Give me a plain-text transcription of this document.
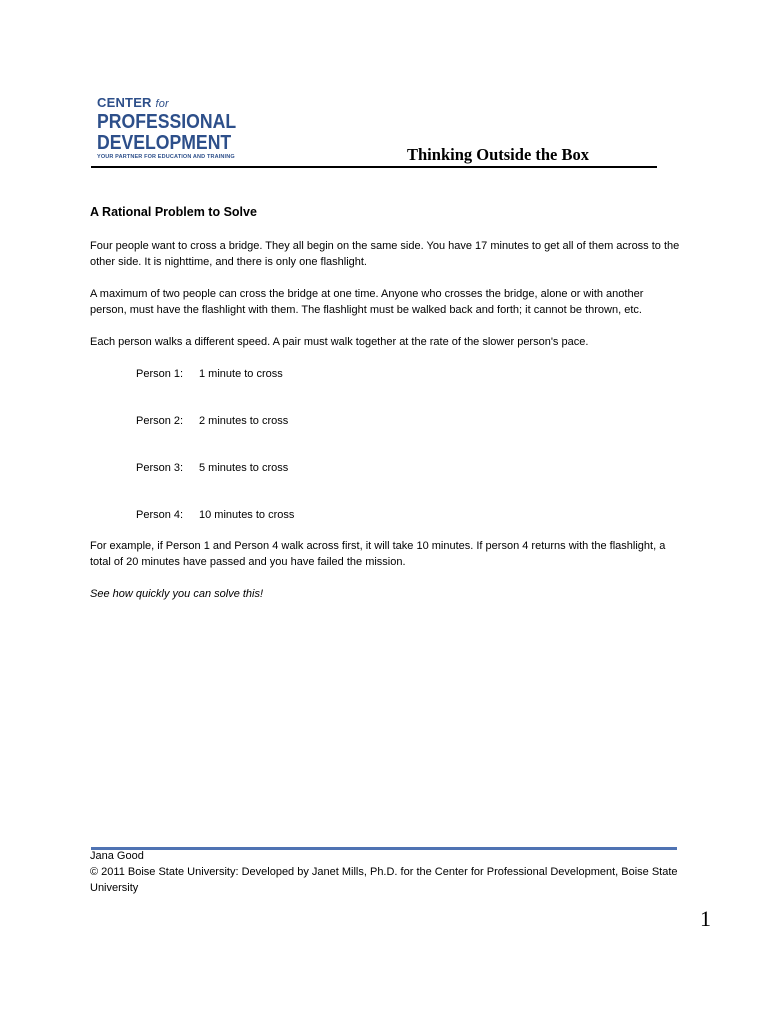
CENTER for
PROFESSIONAL
DEVELOPMENT
YOUR PARTNER FOR EDUCATION AND TRAINING	Thinking Outside the Box
A Rational Problem to Solve

Four people want to cross a bridge. They all begin on the same side. You have 17 minutes to get all of them across to the other side. It is nighttime, and there is only one flashlight.

A maximum of two people can cross the bridge at one time. Anyone who crosses the bridge, alone or with another person, must have the flashlight with them. The flashlight must be walked back and forth; it cannot be thrown, etc.

Each person walks a different speed. A pair must walk together at the rate of the slower person's pace.

Person 1:	1 minute to cross
Person 2:	2 minutes to cross
Person 3:	5 minutes to cross
Person 4:	10 minutes to cross

For example, if Person 1 and Person 4 walk across first, it will take 10 minutes. If person 4 returns with the flashlight, a total of 20 minutes have passed and you have failed the mission.

See how quickly you can solve this!

Jana Good
© 2011 Boise State University: Developed by Janet Mills, Ph.D. for the Center for Professional Development, Boise State University
1
